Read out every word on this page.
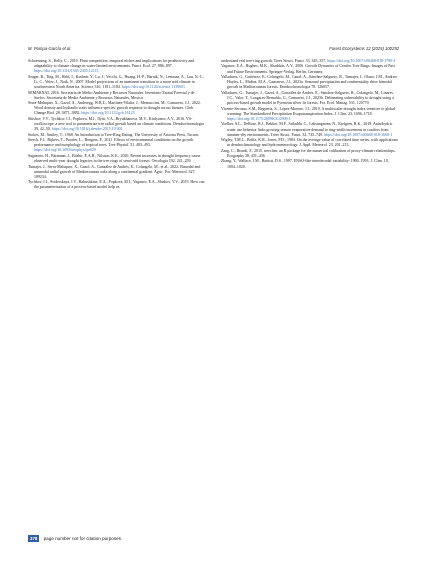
M. Pompa-García et al.	Forest Ecosystems 12 (2025) 100292

Schoenning, S., Kelly, C., 2019. Plant competition, temporal niches and implications for productivity and adaptability to climate change in water-limited environments. Funct. Ecol. 27, 886–897. https://doi.org/10.1111/1365-2435.12115

Seager, R., Ting, M., Held, I., Kushnir, Y., Lu, J., Vecchi, G., Huang, H.-P., Harnik, N., Leetmaa, A., Lau, N.-C., Li, C., Velez, J., Naik, N., 2007. Model projections of an imminent transition to a more arid climate in southwestern North America. Science 316, 1181–1184. https://doi.org/10.1126/science.1139601

SEMARNAT, 2016. Secretaría de Medio Ambiente y Recursos Naturales. Inventario Estatal Forestal y de Suelos. Secretaría de Medio Ambiente y Recursos Naturales, Mexico.

Serra-Maluquer, X., Gazol, A., Anderegg, W.R.L., Martínez-Vilalta, J., Mencuccini, M., Camarero, J.J., 2022. Wood density and hydraulic traits influence species' growth response to drought across biomes. Glob. Change Biol. 28, 3871–3882. https://doi.org/10.1111/gcb.16123

Shishov, V.V., Tychkov, I.I., Popkova, M.I., Ilyin, V.A., Bryukhanova, M.V., Kirdyanov, A.V., 2016. VS-oscilloscope: a new tool to parameterize tree radial growth based on climate conditions. Dendrochronologia 39, 42–50. https://doi.org/10.1016/j.dendro.2015.10.001

Stokes, M., Smiley, T., 1968. An Introduction to Tree-Ring Dating. The University of Arizona Press, Tucson.

Sterck, F.J., Rijkers, T., Poorter, L., Bongers, F., 2011. Effects of environmental conditions on the growth performance and morphology of tropical trees. Tree Physiol. 31, 483–493. https://doi.org/10.1093/treephys/tpr029

Sugimoto, H., Bärmann, J., Eltahir, E.A.B., Nilsson, K.E., 2020. Recent increases in drought frequency cause observed multi-year drought legacies in the tree rings of semi-arid forests. Oecologia 192, 241–259.

Tumajer, J., Serra-Maluquer, X., Gazol, A., González de Andrés, E., Colangelo, M., et al., 2022. Bimodal and unimodal radial growth of Mediterranean oaks along a continental gradient. Agric. For. Meteorol. 327, 109234.

Tychkov, I.I., Sviderskaya, I.V., Babushkina, E.A., Popkova, M.I., Vaganov, E.A., Shishov, V.V., 2019. How can the parameterization of a process-based model help us

understand real tree-ring growth. Trees Struct. Funct. 33, 345–357. https://doi.org/10.1007/s00468-018-1780-2

Vaganov, E.A., Hughes, M.K., Shashkin, A.V., 2006. Growth Dynamics of Conifer Tree Rings: Images of Past and Future Environments. Springer-Verlag, Berlin, Germany.

Valladares, G., Gutiérrez, E., Colangelo, M., Gazol, A., Sánchez-Salguero, R., Tumajer, J., Olano, J.M., Andreu-Hayles, L., Muñoz, M.A., Camarero, J.J., 2023a. Seasonal precipitation and continentality drive bimodal growth in Mediterranean forests. Dendrochronologia 78, 126057.

Valladares, G., Tumajer, J., Gazol, A., González de Andrés, E., Sánchez-Salguero, R., Colangelo, M., Linares, J.C., Valor, T., Longares-Bernaldo, G., Camarero, J.J., 2023b. Delineating vulnerability to drought using a process-based growth model in Pyrenean silver fir forests. For. Ecol. Manag. 531, 120770.

Vicente-Serrano, S.M., Beguería, S., López-Moreno, J.I., 2010. A multiscalar drought index sensitive to global warming: The Standardized Precipitation Evapotranspiration Index. J. Clim. 23, 1696–1718. https://doi.org/10.1175/2009JCLI2909.1

Voelker, S.L., DeRose, R.J., Bekker, M.F., Sriladda, C., Leksungnoen, N., Kjelgren, R.K., 2018. Anisohydric water use behavior links growing season evaporative demand to ring-width increment in conifers from summer-dry environments. Trees Struct. Funct. 32, 735–749. https://doi.org/10.1007/s00468-018-1668-1

Wigley, T.M.L., Briffa, K.R., Jones, P.D., 1984. On the average value of correlated time series, with applications in dendroclimatology and hydrometeorology. J. Appl. Meteorol. 23, 201–213.

Zang, C., Biondi, F., 2015. treeclim: an R package for the numerical calibration of proxy-climate relationships. Ecography 38, 431–436.

Zhang, Y., Wallace, J.M., Battisti, D.S., 1997. ENSO-like interdecadal variability: 1900–1993. J. Clim. 10, 1004–1020.

378 page number not for citation purposes
